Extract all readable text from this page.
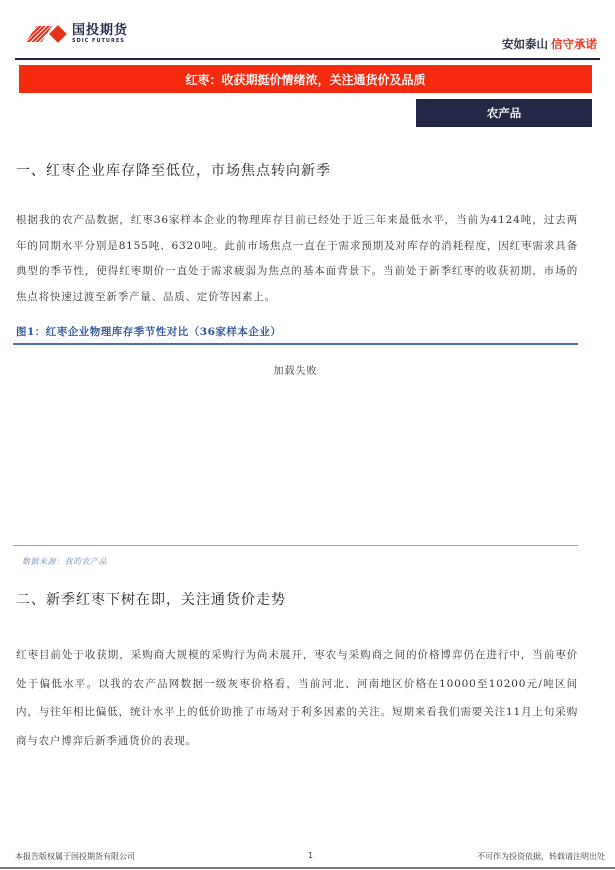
国投期货
SDIC FUTURES	安如泰山 信守承诺
红枣：收获期挺价情绪浓，关注通货价及品质
农产品
一、红枣企业库存降至低位，市场焦点转向新季
根据我的农产品数据，红枣36家样本企业的物理库存目前已经处于近三年来最低水平，当前为4124吨，过去两年的同期水平分别是8155吨、6320吨。此前市场焦点一直在于需求预期及对库存的消耗程度，因红枣需求具备典型的季节性，使得红枣期价一直处于需求疲弱为焦点的基本面背景下。当前处于新季红枣的收获初期，市场的焦点将快速过渡至新季产量、品质、定价等因素上。
图1：红枣企业物理库存季节性对比（36家样本企业）
加载失败
数据来源：我的农产品
二、新季红枣下树在即，关注通货价走势
红枣目前处于收获期，采购商大规模的采购行为尚未展开，枣农与采购商之间的价格博弈仍在进行中，当前枣价处于偏低水平。以我的农产品网数据一级灰枣价格看，当前河北、河南地区价格在10000至10200元/吨区间内，与往年相比偏低，统计水平上的低价助推了市场对于利多因素的关注。短期来看我们需要关注11月上旬采购商与农户博弈后新季通货价的表现。
本报告版权属于国投期货有限公司	1	不可作为投资依据，转载请注明出处
